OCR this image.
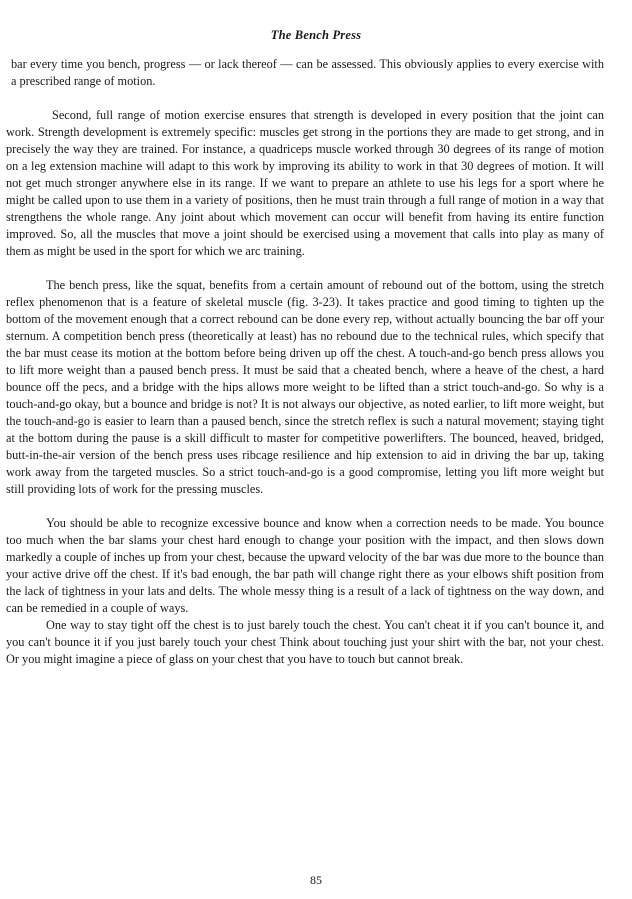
The Bench Press

bar every time you bench, progress — or lack thereof — can be assessed. This obviously applies to every exercise with a prescribed range of motion.

Second, full range of motion exercise ensures that strength is developed in every position that the joint can work. Strength development is extremely specific: muscles get strong in the portions they are made to get strong, and in precisely the way they are trained. For instance, a quadriceps muscle worked through 30 degrees of its range of motion on a leg extension machine will adapt to this work by improving its ability to work in that 30 degrees of motion. It will not get much stronger anywhere else in its range. If we want to prepare an athlete to use his legs for a sport where he might be called upon to use them in a variety of positions, then he must train through a full range of motion in a way that strengthens the whole range. Any joint about which movement can occur will benefit from having its entire function improved. So, all the muscles that move a joint should be exercised using a movement that calls into play as many of them as might be used in the sport for which we arc training.

The bench press, like the squat, benefits from a certain amount of rebound out of the bottom, using the stretch reflex phenomenon that is a feature of skeletal muscle (fig. 3-23). It takes practice and good timing to tighten up the bottom of the movement enough that a correct rebound can be done every rep, without actually bouncing the bar off your sternum. A competition bench press (theoretically at least) has no rebound due to the technical rules, which specify that the bar must cease its motion at the bottom before being driven up off the chest. A touch-and-go bench press allows you to lift more weight than a paused bench press. It must be said that a cheated bench, where a heave of the chest, a hard bounce off the pecs, and a bridge with the hips allows more weight to be lifted than a strict touch-and-go. So why is a touch-and-go okay, but a bounce and bridge is not? It is not always our objective, as noted earlier, to lift more weight, but the touch-and-go is easier to learn than a paused bench, since the stretch reflex is such a natural movement; staying tight at the bottom during the pause is a skill difficult to master for competitive powerlifters. The bounced, heaved, bridged, butt-in-the-air version of the bench press uses ribcage resilience and hip extension to aid in driving the bar up, taking work away from the targeted muscles. So a strict touch-and-go is a good compromise, letting you lift more weight but still providing lots of work for the pressing muscles.

You should be able to recognize excessive bounce and know when a correction needs to be made. You bounce too much when the bar slams your chest hard enough to change your position with the impact, and then slows down markedly a couple of inches up from your chest, because the upward velocity of the bar was due more to the bounce than your active drive off the chest. If it's bad enough, the bar path will change right there as your elbows shift position from the lack of tightness in your lats and delts. The whole messy thing is a result of a lack of tightness on the way down, and can be remedied in a couple of ways.

One way to stay tight off the chest is to just barely touch the chest. You can't cheat it if you can't bounce it, and you can't bounce it if you just barely touch your chest Think about touching just your shirt with the bar, not your chest. Or you might imagine a piece of glass on your chest that you have to touch but cannot break.

85
